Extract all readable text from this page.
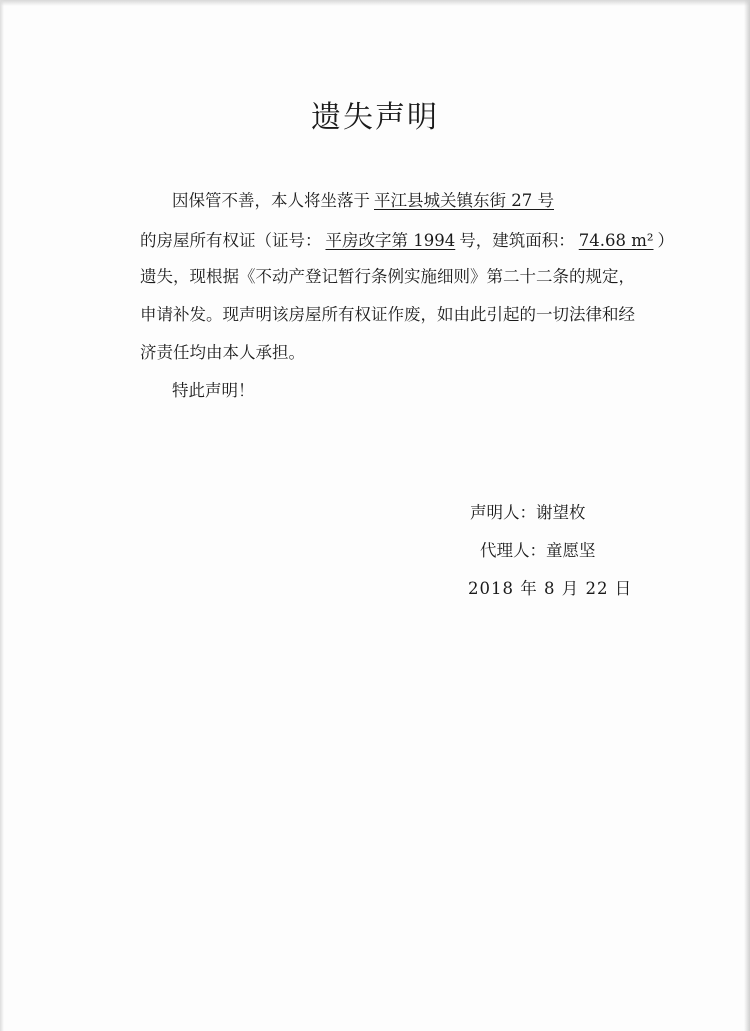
遗失声明
因保管不善，本人将坐落于 平江县城关镇东街 27 号
的房屋所有权证（证号： 平房改字第 1994 号，建筑面积： 74.68 m² ）
遗失，现根据《不动产登记暂行条例实施细则》第二十二条的规定，
申请补发。现声明该房屋所有权证作废，如由此引起的一切法律和经
济责任均由本人承担。
特此声明！
声明人：谢望枚
代理人：童愿坚
2018 年 8 月 22 日
